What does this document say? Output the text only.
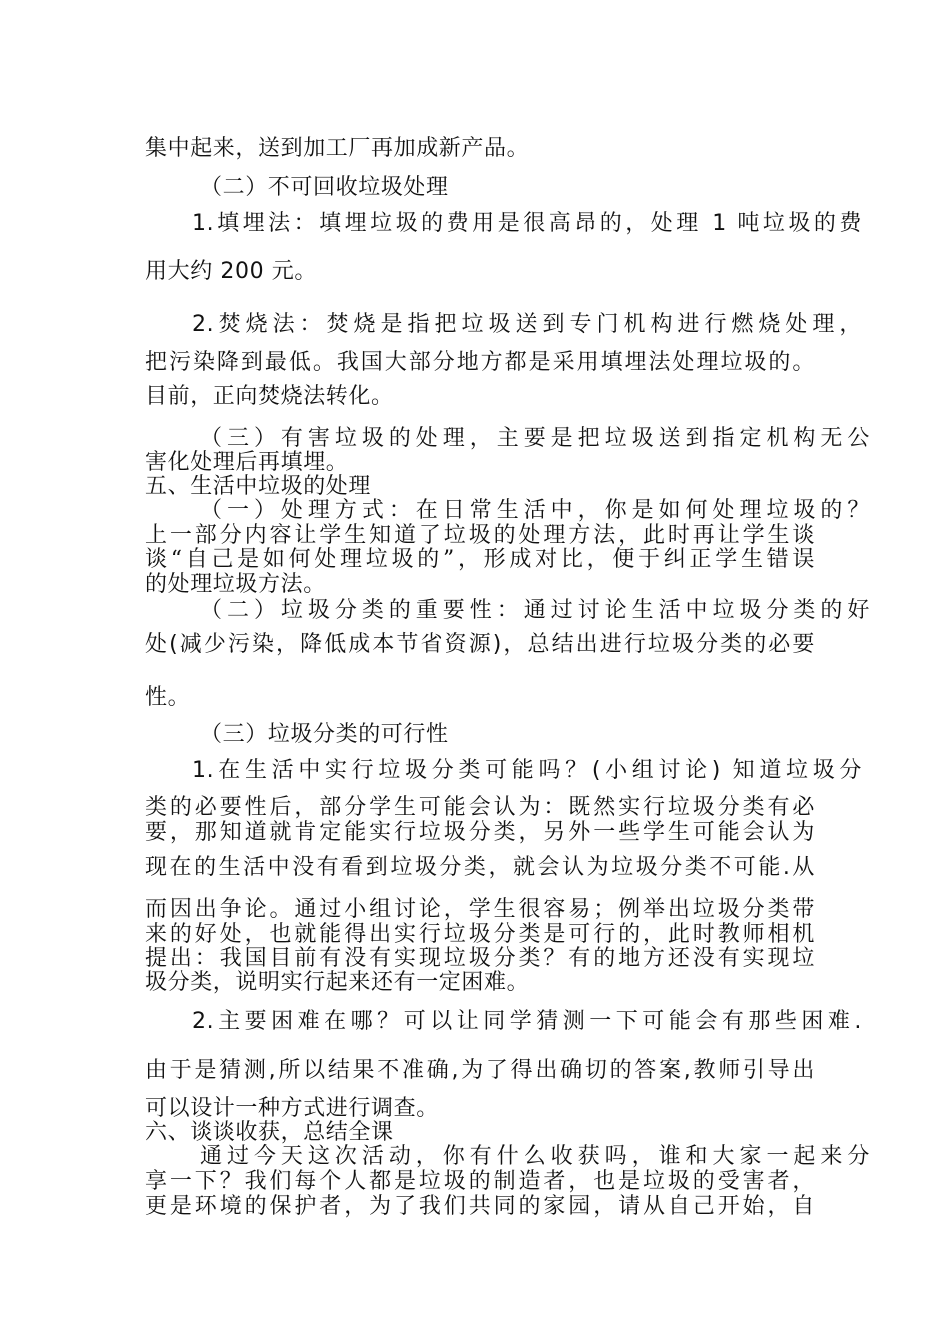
集中起来，送到加工厂再加成新产品。
（二）不可回收垃圾处理
1.填埋法：填埋垃圾的费用是很高昂的，处理 1 吨垃圾的费
用大约 200 元。
2.焚烧法：焚烧是指把垃圾送到专门机构进行燃烧处理，
把污染降到最低。我国大部分地方都是采用填埋法处理垃圾的。
目前，正向焚烧法转化。
（三）有害垃圾的处理，主要是把垃圾送到指定机构无公
害化处理后再填埋。
五、生活中垃圾的处理
（一）处理方式：在日常生活中，你是如何处理垃圾的？
上一部分内容让学生知道了垃圾的处理方法，此时再让学生谈
谈“自己是如何处理垃圾的”，形成对比，便于纠正学生错误
的处理垃圾方法。
（二）垃圾分类的重要性：通过讨论生活中垃圾分类的好
处(减少污染，降低成本节省资源)，总结出进行垃圾分类的必要
性。
（三）垃圾分类的可行性
1.在生活中实行垃圾分类可能吗？(小组讨论) 知道垃圾分
类的必要性后，部分学生可能会认为：既然实行垃圾分类有必
要，那知道就肯定能实行垃圾分类，另外一些学生可能会认为
现在的生活中没有看到垃圾分类，就会认为垃圾分类不可能.从
而因出争论。通过小组讨论，学生很容易；例举出垃圾分类带
来的好处，也就能得出实行垃圾分类是可行的，此时教师相机
提出：我国目前有没有实现垃圾分类？有的地方还没有实现垃
圾分类，说明实行起来还有一定困难。
2.主要困难在哪？可以让同学猜测一下可能会有那些困难.
由于是猜测,所以结果不准确,为了得出确切的答案,教师引导出
可以设计一种方式进行调查。
六、谈谈收获，总结全课
通过今天这次活动，你有什么收获吗，谁和大家一起来分
享一下？我们每个人都是垃圾的制造者，也是垃圾的受害者，
更是环境的保护者，为了我们共同的家园，请从自己开始，自
